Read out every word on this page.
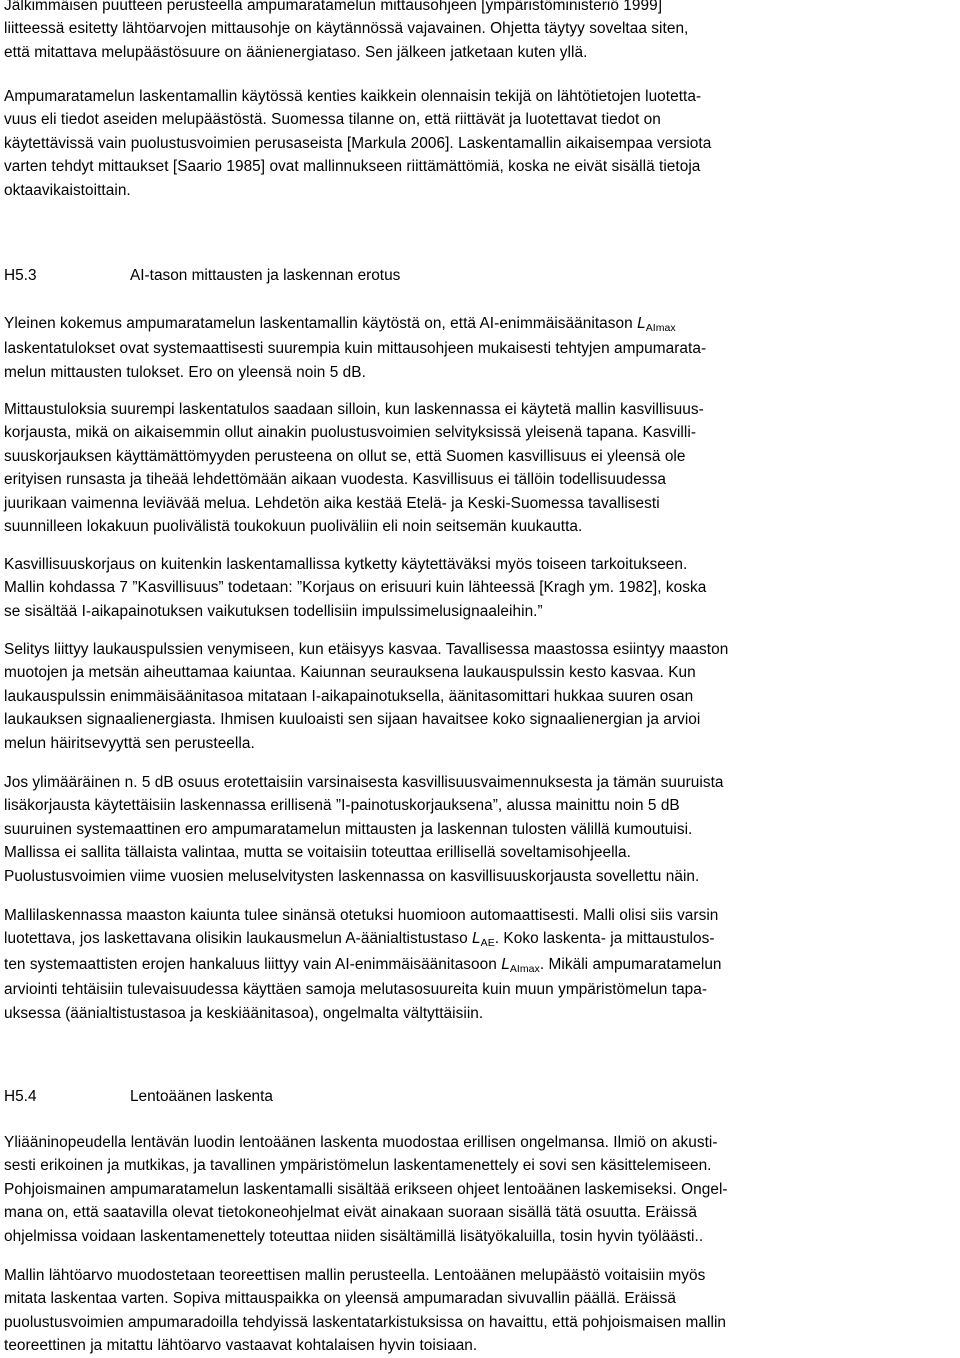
Jälkimmäisen puutteen perusteella ampumaratamelun mittausohjeen [ympäristöministeriö 1999]
liitteessä esitetty lähtöarvojen mittausohje on käytännössä vajavainen. Ohjetta täytyy soveltaa siten,
että mitattava melupäästösuure on äänienergiataso. Sen jälkeen jatketaan kuten yllä.

Ampumaratamelun laskentamallin käytössä kenties kaikkein olennaisin tekijä on lähtötietojen luotetta-
vuus eli tiedot aseiden melupäästöstä. Suomessa tilanne on, että riittävät ja luotettavat tiedot on
käytettävissä vain puolustusvoimien perusaseista [Markula 2006]. Laskentamallin aikaisempaa versiota
varten tehdyt mittaukset [Saario 1985] ovat mallinnukseen riittämättömiä, koska ne eivät sisällä tietoja
oktaavikaistoittain.

H5.3	AI-tason mittausten ja laskennan erotus

Yleinen kokemus ampumaratamelun laskentamallin käytöstä on, että AI-enimmäisäänitason LAImax
laskentatulokset ovat systemaattisesti suurempia kuin mittausohjeen mukaisesti tehtyjen ampumarata-
melun mittausten tulokset. Ero on yleensä noin 5 dB.

Mittaustuloksia suurempi laskentatulos saadaan silloin, kun laskennassa ei käytetä mallin kasvillisuus-
korjausta, mikä on aikaisemmin ollut ainakin puolustusvoimien selvityksissä yleisenä tapana. Kasvilli-
suuskorjauksen käyttämättömyyden perusteena on ollut se, että Suomen kasvillisuus ei yleensä ole
erityisen runsasta ja tiheää lehdettömään aikaan vuodesta. Kasvillisuus ei tällöin todellisuudessa
juurikaan vaimenna leviävää melua. Lehdetön aika kestää Etelä- ja Keski-Suomessa tavallisesti
suunnilleen lokakuun puolivälistä toukokuun puoliväliin eli noin seitsemän kuukautta.

Kasvillisuuskorjaus on kuitenkin laskentamallissa kytketty käytettäväksi myös toiseen tarkoitukseen.
Mallin kohdassa 7 ”Kasvillisuus” todetaan: ”Korjaus on erisuuri kuin lähteessä [Kragh ym. 1982], koska
se sisältää I-aikapainotuksen vaikutuksen todellisiin impulssimelusignaaleihin.”

Selitys liittyy laukauspulssien venymiseen, kun etäisyys kasvaa. Tavallisessa maastossa esiintyy maaston
muotojen ja metsän aiheuttamaa kaiuntaa. Kaiunnan seurauksena laukauspulssin kesto kasvaa. Kun
laukauspulssin enimmäisäänitasoa mitataan I-aikapainotuksella, äänitasomittari hukkaa suuren osan
laukauksen signaalienergiasta. Ihmisen kuuloaisti sen sijaan havaitsee koko signaalienergian ja arvioi
melun häiritsevyyttä sen perusteella.

Jos ylimääräinen n. 5 dB osuus erotettaisiin varsinaisesta kasvillisuusvaimennuksesta ja tämän suuruista
lisäkorjausta käytettäisiin laskennassa erillisenä ”I-painotuskorjauksena”, alussa mainittu noin 5 dB
suuruinen systemaattinen ero ampumaratamelun mittausten ja laskennan tulosten välillä kumoutuisi.
Mallissa ei sallita tällaista valintaa, mutta se voitaisiin toteuttaa erillisellä soveltamisohjeella.
Puolustusvoimien viime vuosien meluselvitysten laskennassa on kasvillisuuskorjausta sovellettu näin.

Mallilaskennassa maaston kaiunta tulee sinänsä otetuksi huomioon automaattisesti. Malli olisi siis varsin
luotettava, jos laskettavana olisikin laukausmelun A-äänialtistustaso LAE. Koko laskenta- ja mittaustulos-
ten systemaattisten erojen hankaluus liittyy vain AI-enimmäisäänitasoon LAImax. Mikäli ampumaratamelun
arviointi tehtäisiin tulevaisuudessa käyttäen samoja melutasosuureita kuin muun ympäristömelun tapa-
uksessa (äänialtistustasoa ja keskiäänitasoa), ongelmalta vältyttäisiin.

H5.4	Lentoäänen laskenta

Yliääninopeudella lentävän luodin lentoäänen laskenta muodostaa erillisen ongelmansa. Ilmiö on akusti-
sesti erikoinen ja mutkikas, ja tavallinen ympäristömelun laskentamenettely ei sovi sen käsittelemiseen.
Pohjoismainen ampumaratamelun laskentamalli sisältää erikseen ohjeet lentoäänen laskemiseksi. Ongel-
mana on, että saatavilla olevat tietokoneohjelmat eivät ainakaan suoraan sisällä tätä osuutta. Eräissä
ohjelmissa voidaan laskentamenettely toteuttaa niiden sisältämillä lisätyökaluilla, tosin hyvin työläästi..

Mallin lähtöarvo muodostetaan teoreettisen mallin perusteella. Lentoäänen melupäästö voitaisiin myös
mitata laskentaa varten. Sopiva mittauspaikka on yleensä ampumaradan sivuvallin päällä. Eräissä
puolustusvoimien ampumaradoilla tehdyissä laskentatarkistuksissa on havaittu, että pohjoismaisen mallin
teoreettinen ja mitattu lähtöarvo vastaavat kohtalaisen hyvin toisiaan.
